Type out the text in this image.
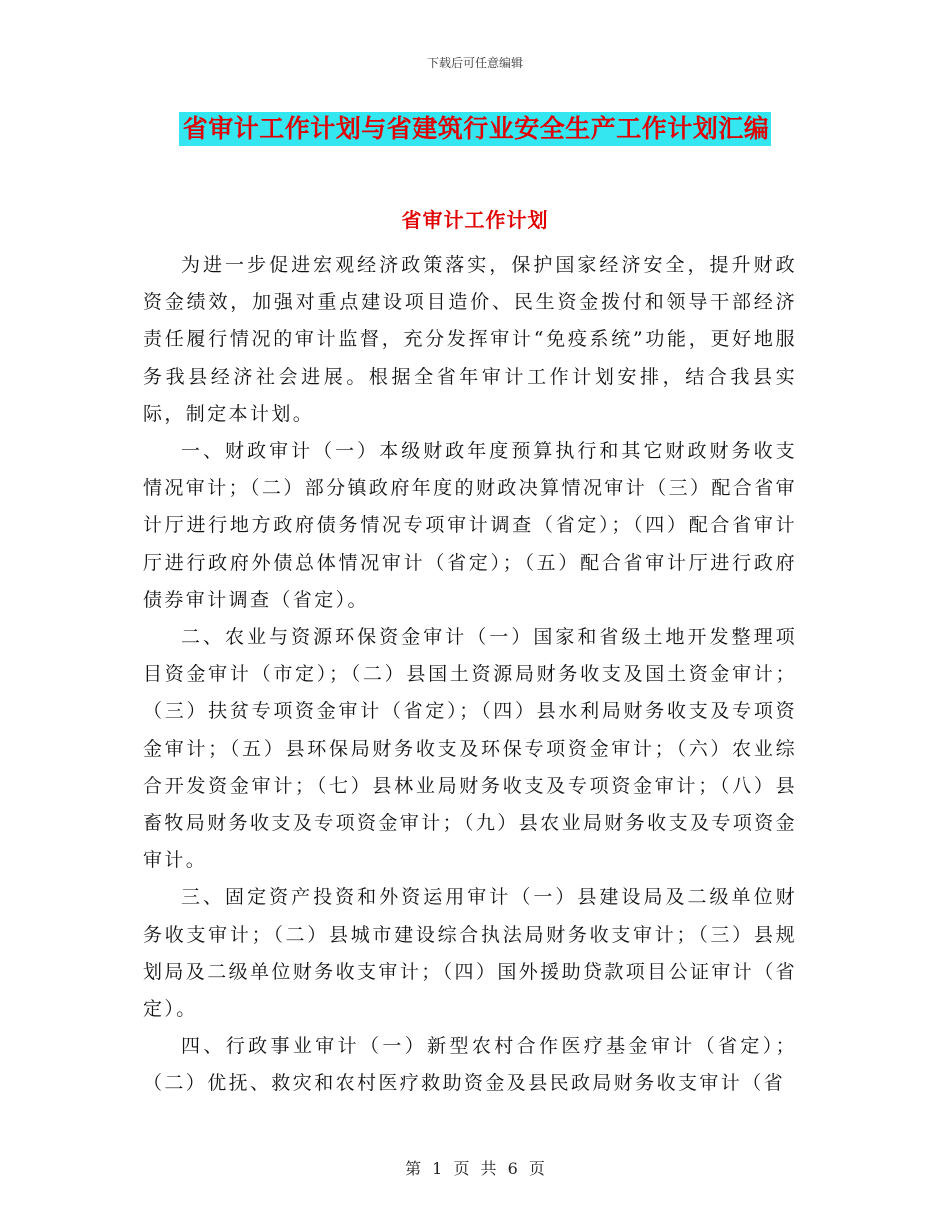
下载后可任意编辑
省审计工作计划与省建筑行业安全生产工作计划汇编
省审计工作计划

为进一步促进宏观经济政策落实，保护国家经济安全，提升财政资金绩效，加强对重点建设项目造价、民生资金拨付和领导干部经济责任履行情况的审计监督，充分发挥审计“免疫系统”功能，更好地服务我县经济社会进展。根据全省年审计工作计划安排，结合我县实际，制定本计划。

一、财政审计（一）本级财政年度预算执行和其它财政财务收支情况审计；（二）部分镇政府年度的财政决算情况审计（三）配合省审计厅进行地方政府债务情况专项审计调查（省定）；（四）配合省审计厅进行政府外债总体情况审计（省定）；（五）配合省审计厅进行政府债券审计调查（省定）。

二、农业与资源环保资金审计（一）国家和省级土地开发整理项目资金审计（市定）；（二）县国土资源局财务收支及国土资金审计；（三）扶贫专项资金审计（省定）；（四）县水利局财务收支及专项资金审计；（五）县环保局财务收支及环保专项资金审计；（六）农业综合开发资金审计；（七）县林业局财务收支及专项资金审计；（八）县畜牧局财务收支及专项资金审计；（九）县农业局财务收支及专项资金审计。

三、固定资产投资和外资运用审计（一）县建设局及二级单位财务收支审计；（二）县城市建设综合执法局财务收支审计；（三）县规划局及二级单位财务收支审计；（四）国外援助贷款项目公证审计（省定）。

四、行政事业审计（一）新型农村合作医疗基金审计（省定）；（二）优抚、救灾和农村医疗救助资金及县民政局财务收支审计（省

第 1 页 共 6 页
